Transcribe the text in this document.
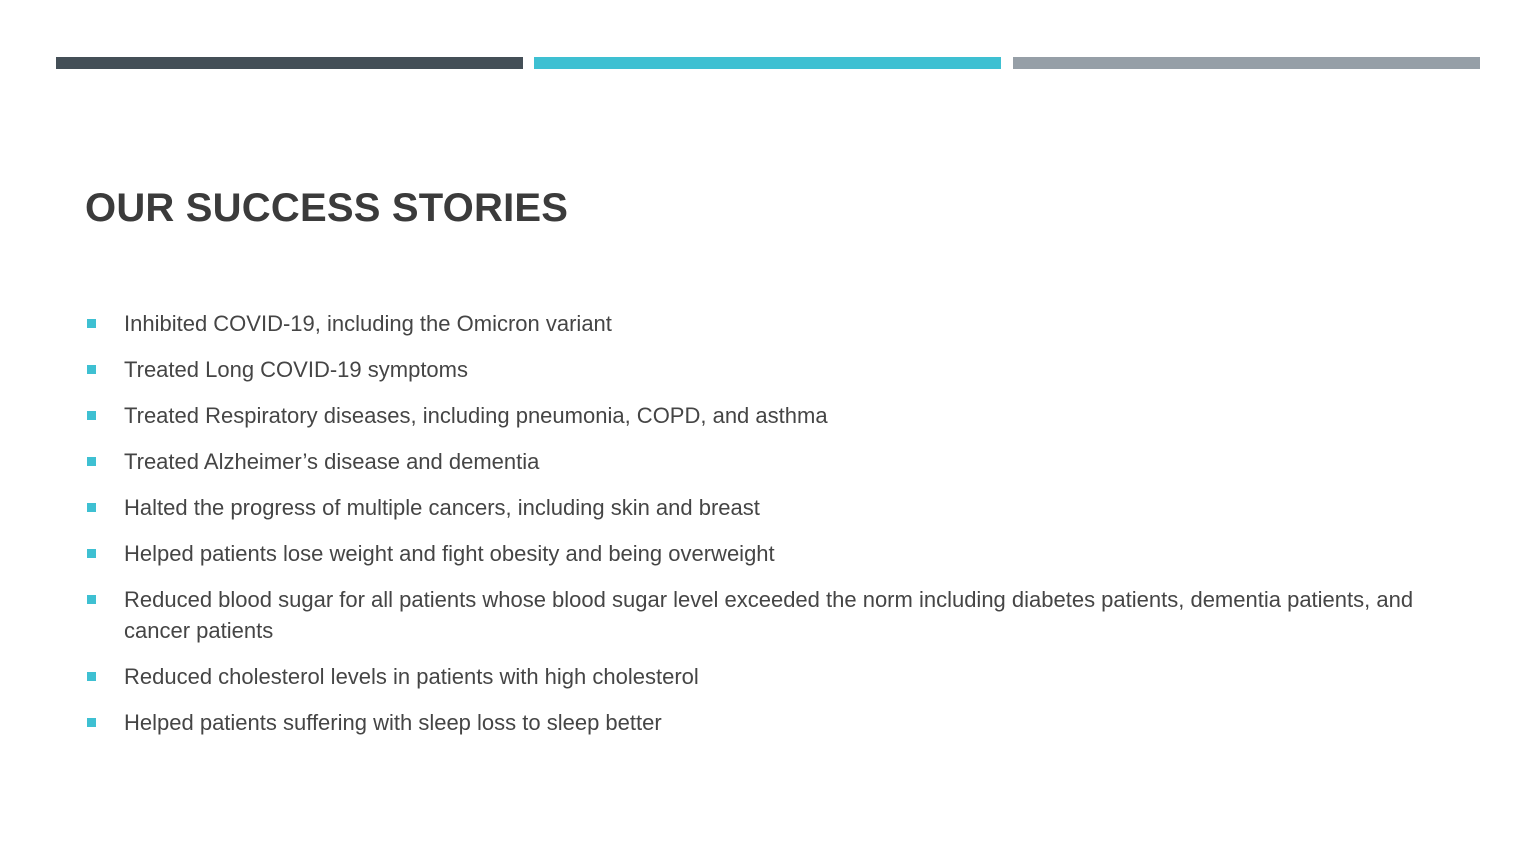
OUR SUCCESS STORIES
Inhibited COVID-19, including the Omicron variant
Treated Long COVID-19 symptoms
Treated Respiratory diseases, including pneumonia, COPD, and asthma
Treated Alzheimer’s disease and dementia
Halted the progress of multiple cancers, including skin and breast
Helped patients lose weight and fight obesity and being overweight
Reduced blood sugar for all patients whose blood sugar level exceeded the norm including diabetes patients, dementia patients, and cancer patients
Reduced cholesterol levels in patients with high cholesterol
Helped patients suffering with sleep loss to sleep better
